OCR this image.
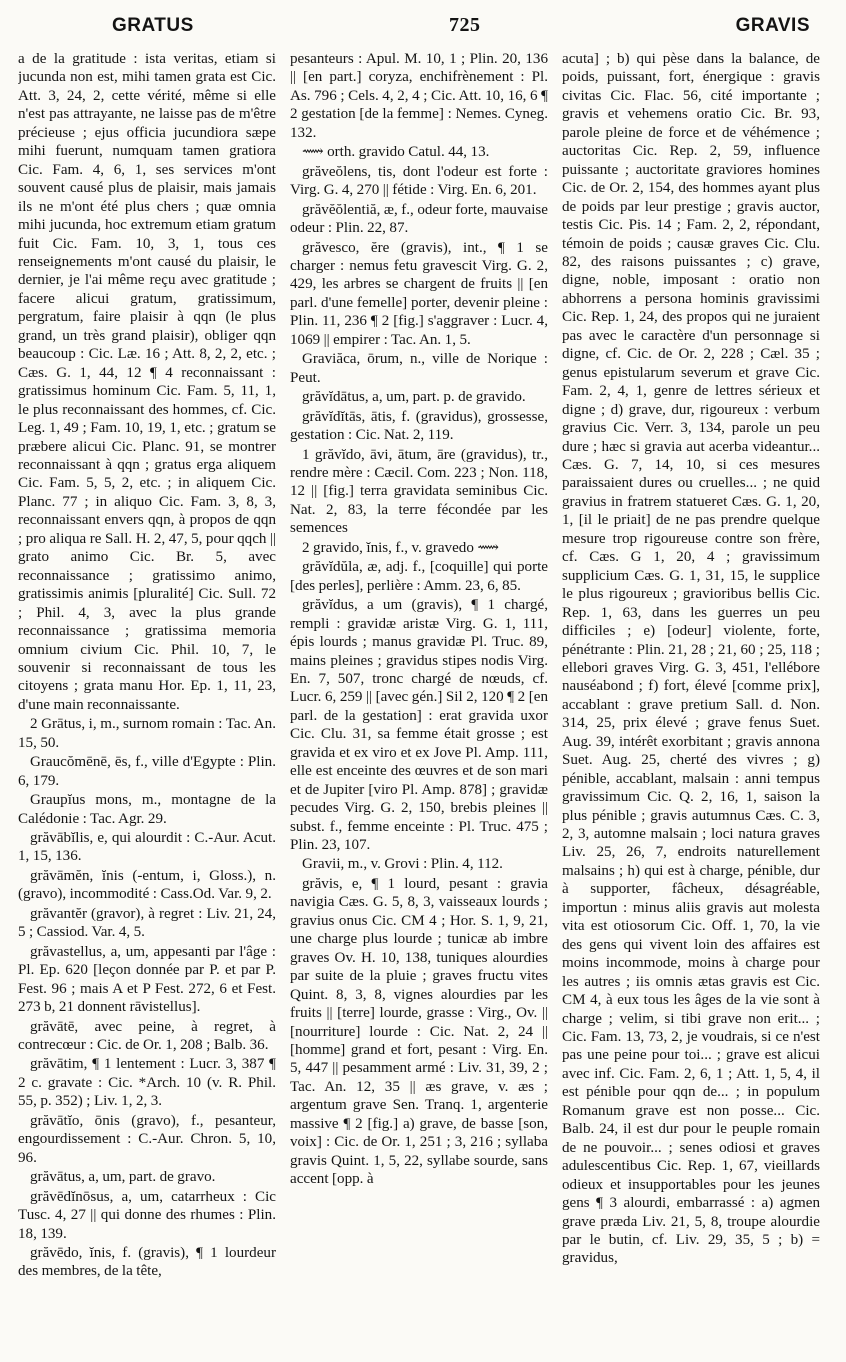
GRATUS	725	GRAVIS

a de la gratitude : ista veritas, etiam si jucunda non est, mihi tamen grata est Cic. Att. 3, 24, 2, cette vérité, même si elle n'est pas attrayante, ne laisse pas de m'être précieuse ; ejus officia jucundiora sæpe mihi fuerunt, numquam tamen gratiora Cic. Fam. 4, 6, 1, ses services m'ont souvent causé plus de plaisir, mais jamais ils ne m'ont été plus chers ; quæ omnia mihi jucunda, hoc extremum etiam gratum fuit Cic. Fam. 10, 3, 1, tous ces renseignements m'ont causé du plaisir, le dernier, je l'ai même reçu avec gratitude ; facere alicui gratum, gratissimum, pergratum, faire plaisir à qqn (le plus grand, un très grand plaisir), obliger qqn beaucoup : Cic. Læ. 16 ; Att. 8, 2, 2, etc. ; Cæs. G. 1, 44, 12 ¶ 4 reconnaissant : gratissimus hominum Cic. Fam. 5, 11, 1, le plus reconnaissant des hommes, cf. Cic. Leg. 1, 49 ; Fam. 10, 19, 1, etc. ; gratum se præbere alicui Cic. Planc. 91, se montrer reconnaissant à qqn ; gratus erga aliquem Cic. Fam. 5, 5, 2, etc. ; in aliquem Cic. Planc. 77 ; in aliquo Cic. Fam. 3, 8, 3, reconnaissant envers qqn, à propos de qqn ; pro aliqua re Sall. H. 2, 47, 5, pour qqch || grato animo Cic. Br. 5, avec reconnaissance ; gratissimo animo, gratissimis animis [pluralité] Cic. Sull. 72 ; Phil. 4, 3, avec la plus grande reconnaissance ; gratissima memoria omnium civium Cic. Phil. 10, 7, le souvenir si reconnaissant de tous les citoyens ; grata manu Hor. Ep. 1, 11, 23, d'une main reconnaissante.

2 Grātus, i, m., surnom romain : Tac. An. 15, 50.

Graucŏmēnē, ēs, f., ville d'Egypte : Plin. 6, 179.

Graupĭus mons, m., montagne de la Calédonie : Tac. Agr. 29.

grăvābĭlis, e, qui alourdit : C.-Aur. Acut. 1, 15, 136.

grăvāmĕn, ĭnis (-entum, i, Gloss.), n. (gravo), incommodité : Cass.Od. Var. 9, 2.

grăvantĕr (gravor), à regret : Liv. 21, 24, 5 ; Cassiod. Var. 4, 5.

grăvastellus, a, um, appesanti par l'âge : Pl. Ep. 620 [leçon donnée par P. et par P. Fest. 96 ; mais A et P Fest. 272, 6 et Fest. 273 b, 21 donnent rāvistellus].

grăvātē, avec peine, à regret, à contrecœur : Cic. de Or. 1, 208 ; Balb. 36.

grăvātim, ¶ 1 lentement : Lucr. 3, 387 ¶ 2 c. gravate : Cic. *Arch. 10 (v. R. Phil. 55, p. 352) ; Liv. 1, 2, 3.

grăvātĭo, ōnis (gravo), f., pesanteur, engourdissement : C.-Aur. Chron. 5, 10, 96.

grăvātus, a, um, part. de gravo.

grăvēdĭnōsus, a, um, catarrheux : Cic Tusc. 4, 27 || qui donne des rhumes : Plin. 18, 139.

grăvēdo, ĭnis, f. (gravis), ¶ 1 lourdeur des membres, de la tête,

pesanteurs : Apul. M. 10, 1 ; Plin. 20, 136 || [en part.] coryza, enchifrènement : Pl. As. 796 ; Cels. 4, 2, 4 ; Cic. Att. 10, 16, 6 ¶ 2 gestation [de la femme] : Nemes. Cyneg. 132.

⟿ orth. gravido Catul. 44, 13.

grăveŏlens, tis, dont l'odeur est forte : Virg. G. 4, 270 || fétide : Virg. En. 6, 201.

grăvĕŏlentiă, æ, f., odeur forte, mauvaise odeur : Plin. 22, 87.

grăvesco, ĕre (gravis), int., ¶ 1 se charger : nemus fetu gravescit Virg. G. 2, 429, les arbres se chargent de fruits || [en parl. d'une femelle] porter, devenir pleine : Plin. 11, 236 ¶ 2 [fig.] s'aggraver : Lucr. 4, 1069 || empirer : Tac. An. 1, 5.

Graviăca, ōrum, n., ville de Norique : Peut.

grăvĭdātus, a, um, part. p. de gravido.

grăvĭdĭtās, ātis, f. (gravidus), grossesse, gestation : Cic. Nat. 2, 119.

1 grăvĭdo, āvi, ātum, āre (gravidus), tr., rendre mère : Cæcil. Com. 223 ; Non. 118, 12 || [fig.] terra gravidata seminibus Cic. Nat. 2, 83, la terre fécondée par les semences

2 gravido, ĭnis, f., v. gravedo ⟿

grăvĭdŭla, æ, adj. f., [coquille] qui porte [des perles], perlière : Amm. 23, 6, 85.

grăvĭdus, a um (gravis), ¶ 1 chargé, rempli : gravidæ aristæ Virg. G. 1, 111, épis lourds ; manus gravidæ Pl. Truc. 89, mains pleines ; gravidus stipes nodis Virg. En. 7, 507, tronc chargé de nœuds, cf. Lucr. 6, 259 || [avec gén.] Sil 2, 120 ¶ 2 [en parl. de la gestation] : erat gravida uxor Cic. Clu. 31, sa femme était grosse ; est gravida et ex viro et ex Jove Pl. Amp. 111, elle est enceinte des œuvres et de son mari et de Jupiter [viro Pl. Amp. 878] ; gravidæ pecudes Virg. G. 2, 150, brebis pleines || subst. f., femme enceinte : Pl. Truc. 475 ; Plin. 23, 107.

Gravii, m., v. Grovi : Plin. 4, 112.

grăvis, e, ¶ 1 lourd, pesant : gravia navigia Cæs. G. 5, 8, 3, vaisseaux lourds ; gravius onus Cic. CM 4 ; Hor. S. 1, 9, 21, une charge plus lourde ; tunicæ ab imbre graves Ov. H. 10, 138, tuniques alourdies par suite de la pluie ; graves fructu vites Quint. 8, 3, 8, vignes alourdies par les fruits || [terre] lourde, grasse : Virg., Ov. || [nourriture] lourde : Cic. Nat. 2, 24 || [homme] grand et fort, pesant : Virg. En. 5, 447 || pesamment armé : Liv. 31, 39, 2 ; Tac. An. 12, 35 || æs grave, v. æs ; argentum grave Sen. Tranq. 1, argenterie massive ¶ 2 [fig.] a) grave, de basse [son, voix] : Cic. de Or. 1, 251 ; 3, 216 ; syllaba gravis Quint. 1, 5, 22, syllabe sourde, sans accent [opp. à

acuta] ; b) qui pèse dans la balance, de poids, puissant, fort, énergique : gravis civitas Cic. Flac. 56, cité importante ; gravis et vehemens oratio Cic. Br. 93, parole pleine de force et de véhémence ; auctoritas Cic. Rep. 2, 59, influence puissante ; auctoritate graviores homines Cic. de Or. 2, 154, des hommes ayant plus de poids par leur prestige ; gravis auctor, testis Cic. Pis. 14 ; Fam. 2, 2, répondant, témoin de poids ; causæ graves Cic. Clu. 82, des raisons puissantes ; c) grave, digne, noble, imposant : oratio non abhorrens a persona hominis gravissimi Cic. Rep. 1, 24, des propos qui ne juraient pas avec le caractère d'un personnage si digne, cf. Cic. de Or. 2, 228 ; Cæl. 35 ; genus epistularum severum et grave Cic. Fam. 2, 4, 1, genre de lettres sérieux et digne ; d) grave, dur, rigoureux : verbum gravius Cic. Verr. 3, 134, parole un peu dure ; hæc si gravia aut acerba videantur... Cæs. G. 7, 14, 10, si ces mesures paraissaient dures ou cruelles... ; ne quid gravius in fratrem statueret Cæs. G. 1, 20, 1, [il le priait] de ne pas prendre quelque mesure trop rigoureuse contre son frère, cf. Cæs. G 1, 20, 4 ; gravissimum supplicium Cæs. G. 1, 31, 15, le supplice le plus rigoureux ; gravioribus bellis Cic. Rep. 1, 63, dans les guerres un peu difficiles ; e) [odeur] violente, forte, pénétrante : Plin. 21, 28 ; 21, 60 ; 25, 118 ; ellebori graves Virg. G. 3, 451, l'ellébore nauséabond ; f) fort, élevé [comme prix], accablant : grave pretium Sall. d. Non. 314, 25, prix élevé ; grave fenus Suet. Aug. 39, intérêt exorbitant ; gravis annona Suet. Aug. 25, cherté des vivres ; g) pénible, accablant, malsain : anni tempus gravissimum Cic. Q. 2, 16, 1, saison la plus pénible ; gravis autumnus Cæs. C. 3, 2, 3, automne malsain ; loci natura graves Liv. 25, 26, 7, endroits naturellement malsains ; h) qui est à charge, pénible, dur à supporter, fâcheux, désagréable, importun : minus aliis gravis aut molesta vita est otiosorum Cic. Off. 1, 70, la vie des gens qui vivent loin des affaires est moins incommode, moins à charge pour les autres ; iis omnis ætas gravis est Cic. CM 4, à eux tous les âges de la vie sont à charge ; velim, si tibi grave non erit... ; Cic. Fam. 13, 73, 2, je voudrais, si ce n'est pas une peine pour toi... ; grave est alicui avec inf. Cic. Fam. 2, 6, 1 ; Att. 1, 5, 4, il est pénible pour qqn de... ; in populum Romanum grave est non posse... Cic. Balb. 24, il est dur pour le peuple romain de ne pouvoir... ; senes odiosi et graves adulescentibus Cic. Rep. 1, 67, vieillards odieux et insupportables pour les jeunes gens ¶ 3 alourdi, embarrassé : a) agmen grave præda Liv. 21, 5, 8, troupe alourdie par le butin, cf. Liv. 29, 35, 5 ; b) = gravidus,
